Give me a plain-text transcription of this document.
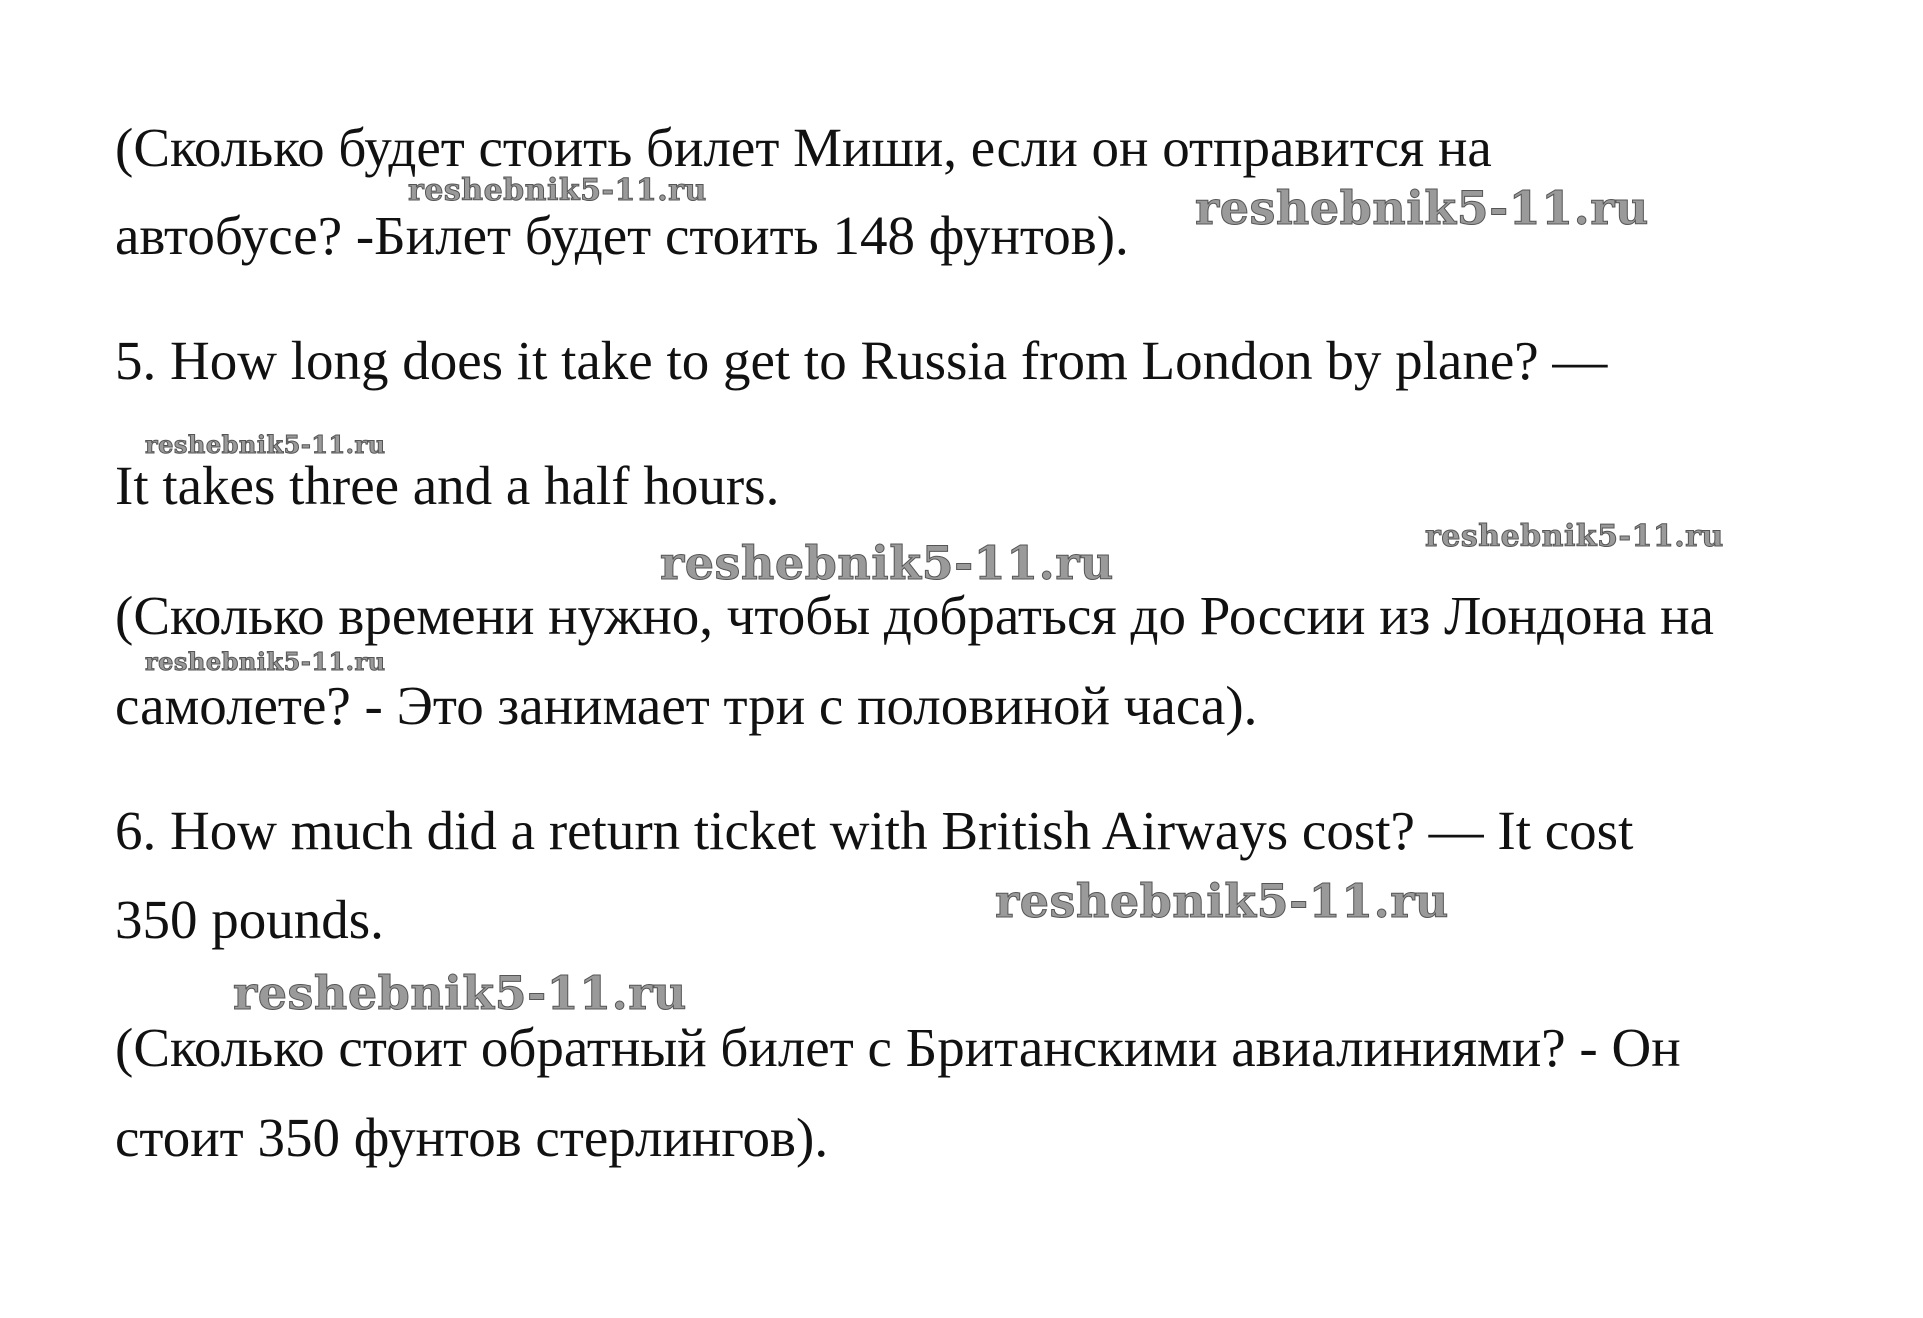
(Сколько будет стоить билет Миши, если он отправится на
автобусе? -Билет будет стоить 148 фунтов).
5. How long does it take to get to Russia from London by plane? —
It takes three and a half hours.
(Сколько времени нужно, чтобы добраться до России из Лондона на
самолете? - Это занимает три с половиной часа).
6. How much did a return ticket with British Airways cost? — It cost
350 pounds.
(Сколько стоит обратный билет с Британскими авиалиниями? - Он
стоит 350 фунтов стерлингов).
reshebnik5-11.ru	reshebnik5-11.ru
reshebnik5-11.ru
reshebnik5-11.ru	reshebnik5-11.ru
reshebnik5-11.ru
reshebnik5-11.ru
reshebnik5-11.ru
